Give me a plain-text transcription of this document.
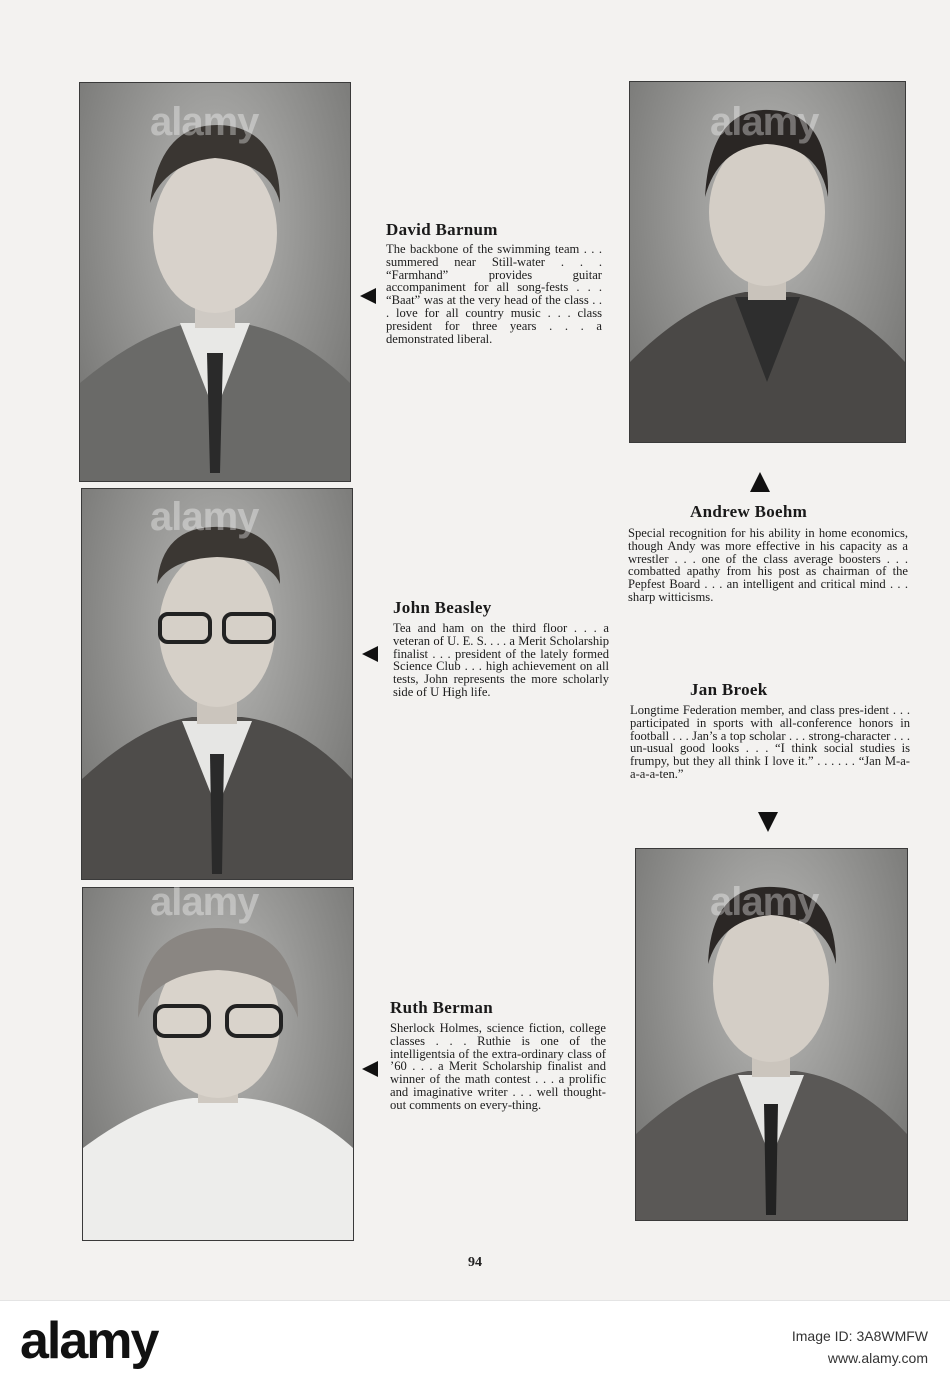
David Barnum

The backbone of the swimming team . . . summered near Still-water . . . “Farmhand” provides guitar accompaniment for all song-fests . . . “Baat” was at the very head of the class . . . love for all country music . . . class president for three years . . . a demonstrated liberal.

Andrew Boehm

Special recognition for his ability in home economics, though Andy was more effective in his capacity as a wrestler . . . one of the class average boosters . . . combatted apathy from his post as chairman of the Pepfest Board . . . an intelligent and critical mind . . . sharp witticisms.

John Beasley

Tea and ham on the third floor . . . a veteran of U. E. S. . . . a Merit Scholarship finalist . . . president of the lately formed Science Club . . . high achievement on all tests, John represents the more scholarly side of U High life.	Jan Broek

Longtime Federation member, and class pres-ident . . . participated in sports with all-conference honors in football . . . Jan’s a top scholar . . . strong-character . . . un-usual good looks . . . “I think social studies is frumpy, but they all think I love it.” . . . . . . “Jan M-a-a-a-a-ten.”

Ruth Berman

Sherlock Holmes, science fiction, college classes . . . Ruthie is one of the intelligentsia of the extra-ordinary class of ’60 . . . a Merit Scholarship finalist and winner of the math contest . . . a prolific and imaginative writer . . . well thought-out comments on every-thing.

94
alamy	alamy
alamy
alamy	alamy
alamy	Image ID: 3A8WMFW
www.alamy.com
